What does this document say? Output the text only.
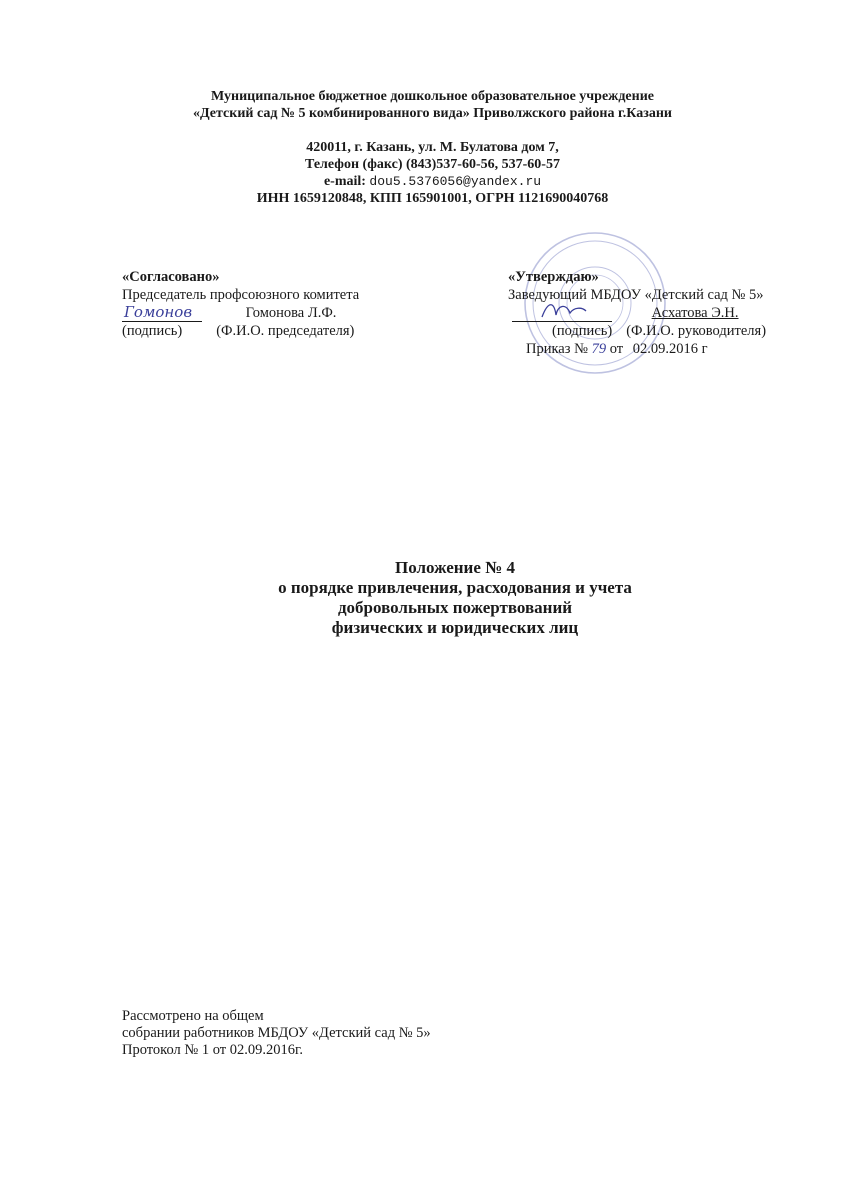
Муниципальное бюджетное дошкольное образовательное учреждение
«Детский сад № 5 комбинированного вида» Приволжского района г.Казани
420011, г. Казань, ул. М. Булатова дом 7,
Телефон (факс) (843)537-60-56, 537-60-57
e-mail: dou5.5376056@yandex.ru
ИНН 1659120848, КПП 165901001, ОГРН 1121690040768
«Согласовано»
Председатель профсоюзного комитета
Гомонов	Гомонова Л.Ф.
(подпись) (Ф.И.О. председателя)
«Утверждаю»
Заведующий МБДОУ «Детский сад № 5»
Асхатова Э.Н.
(подпись) (Ф.И.О. руководителя)
Приказ № 79 от 02.09.2016 г
Положение № 4
о порядке привлечения, расходования и учета
добровольных пожертвований
физических и юридических лиц
Рассмотрено на общем
собрании работников МБДОУ «Детский сад № 5»
Протокол № 1 от 02.09.2016г.
